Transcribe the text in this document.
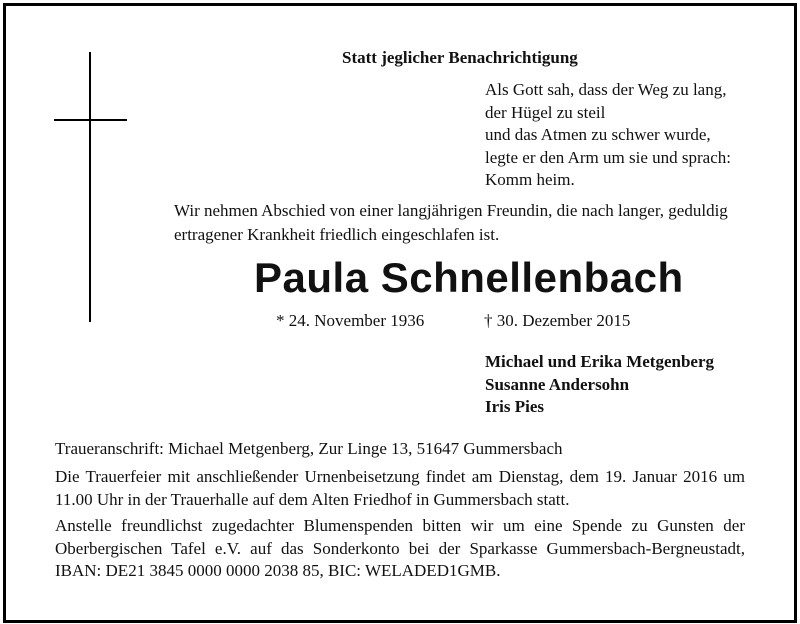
Statt jeglicher Benachrichtigung
Als Gott sah, dass der Weg zu lang,
der Hügel zu steil
und das Atmen zu schwer wurde,
legte er den Arm um sie und sprach:
Komm heim.
Wir nehmen Abschied von einer langjährigen Freundin, die nach langer, geduldig ertragener Krankheit friedlich eingeschlafen ist.
Paula Schnellenbach
* 24. November 1936	† 30. Dezember 2015
Michael und Erika Metgenberg
Susanne Andersohn
Iris Pies
Traueranschrift: Michael Metgenberg, Zur Linge 13, 51647 Gummersbach
Die Trauerfeier mit anschließender Urnenbeisetzung findet am Dienstag, dem 19. Januar 2016 um 11.00 Uhr in der Trauerhalle auf dem Alten Friedhof in Gummersbach statt.
Anstelle freundlichst zugedachter Blumenspenden bitten wir um eine Spende zu Gunsten der Oberbergischen Tafel e.V. auf das Sonderkonto bei der Sparkasse Gummersbach-Bergneustadt, IBAN: DE21 3845 0000 0000 2038 85, BIC: WELADED1GMB.
